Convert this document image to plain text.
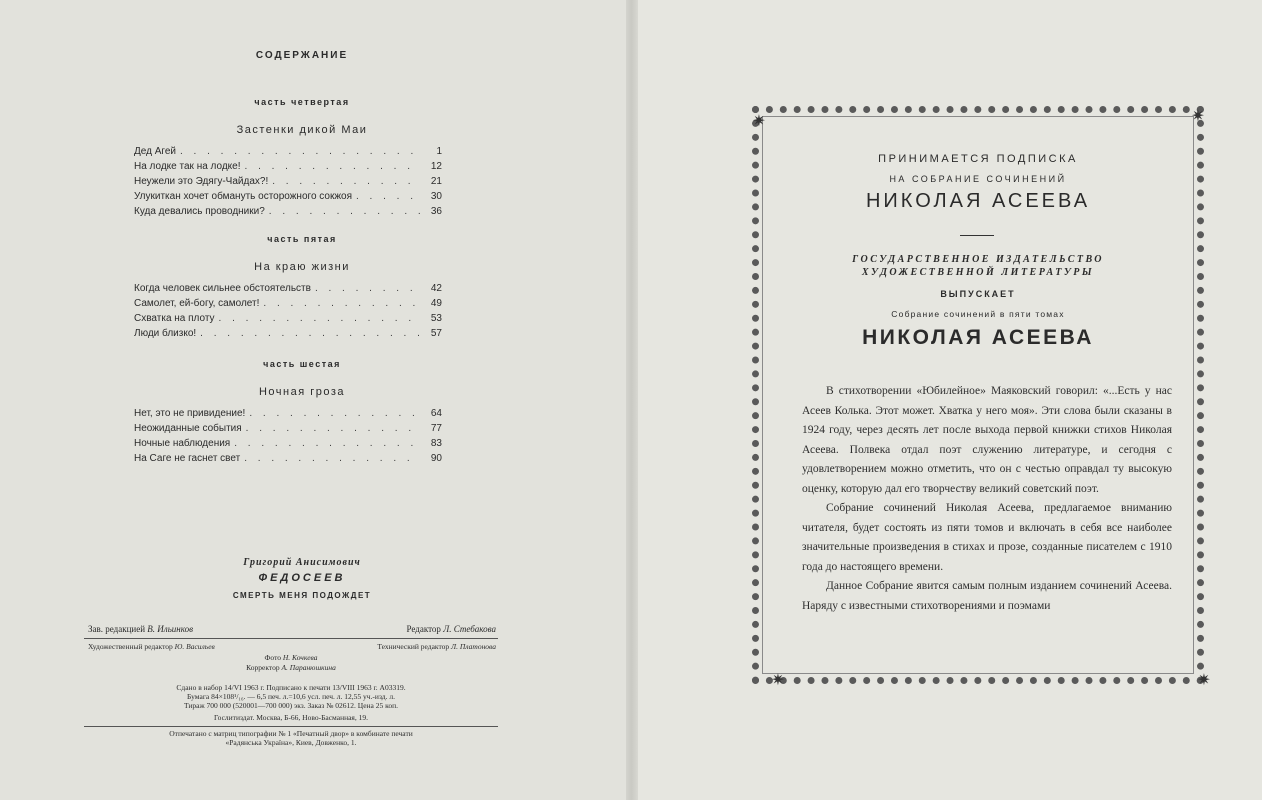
СОДЕРЖАНИЕ
часть четвертая
Застенки дикой Маи
Дед Агей . . .	1
На лодке так на лодке! . . .	12
Неужели это Эдягу-Чайдах?! . . .	21
Улукиткан хочет обмануть осторожного сокжоя . . .	30
Куда девались проводники? . . .	36
часть пятая
На краю жизни
Когда человек сильнее обстоятельств . . .	42
Самолет, ей-богу, самолет! . . .	49
Схватка на плоту . . .	53
Люди близко! . . .	57
часть шестая
Ночная гроза
Нет, это не привидение! . . .	64
Неожиданные события . . .	77
Ночные наблюдения . . .	83
На Саге не гаснет свет . . .	90
Григорий Анисимович
ФЕДОСЕЕВ
СМЕРТЬ МЕНЯ ПОДОЖДЕТ
Зав. редакцией В. Ильинков	Редактор Л. Стебакова
Художественный редактор Ю. Васильев	Технический редактор Л. Платонова
Фото Н. Кочкева
Корректор А. Паранюшкина
Сдано в набор 14/VI 1963 г. Подписано к печати 13/VIII 1963 г. А03319.
Бумага 84×108¹/₁₆. — 6,5 печ. л.=10,6 усл. печ. л. 12,55 уч.-изд. л.
Тираж 700 000 (520001—700 000) экз. Заказ № 02612. Цена 25 коп.
Гослитиздат. Москва, Б-66, Ново-Басманная, 19.
Отпечатано с матриц типографии № 1 «Печатный двор» в комбинате печати
«Радянська Україна», Киев, Довженко, 1.
✷	✷
✷	✷
ПРИНИМАЕТСЯ ПОДПИСКА
НА СОБРАНИЕ СОЧИНЕНИЙ
НИКОЛАЯ АСЕЕВА
ГОСУДАРСТВЕННОЕ ИЗДАТЕЛЬСТВО
ХУДОЖЕСТВЕННОЙ ЛИТЕРАТУРЫ
ВЫПУСКАЕТ
Собрание сочинений в пяти томах
НИКОЛАЯ АСЕЕВА

В стихотворении «Юбилейное» Маяковский говорил: «...Есть у нас Асеев Колька. Этот может. Хватка у него моя». Эти слова были сказаны в 1924 году, через десять лет после выхода первой книжки стихов Николая Асеева. Полвека отдал поэт служению литературе, и сегодня с удовлетворением можно отметить, что он с честью оправдал ту высокую оценку, которую дал его творчеству великий советский поэт.

Собрание сочинений Николая Асеева, предлагаемое вниманию читателя, будет состоять из пяти томов и включать в себя все наиболее значительные произведения в стихах и прозе, созданные писателем с 1910 года до настоящего времени.

Данное Собрание явится самым полным изданием сочинений Асеева. Наряду с известными стихотворениями и поэмами
